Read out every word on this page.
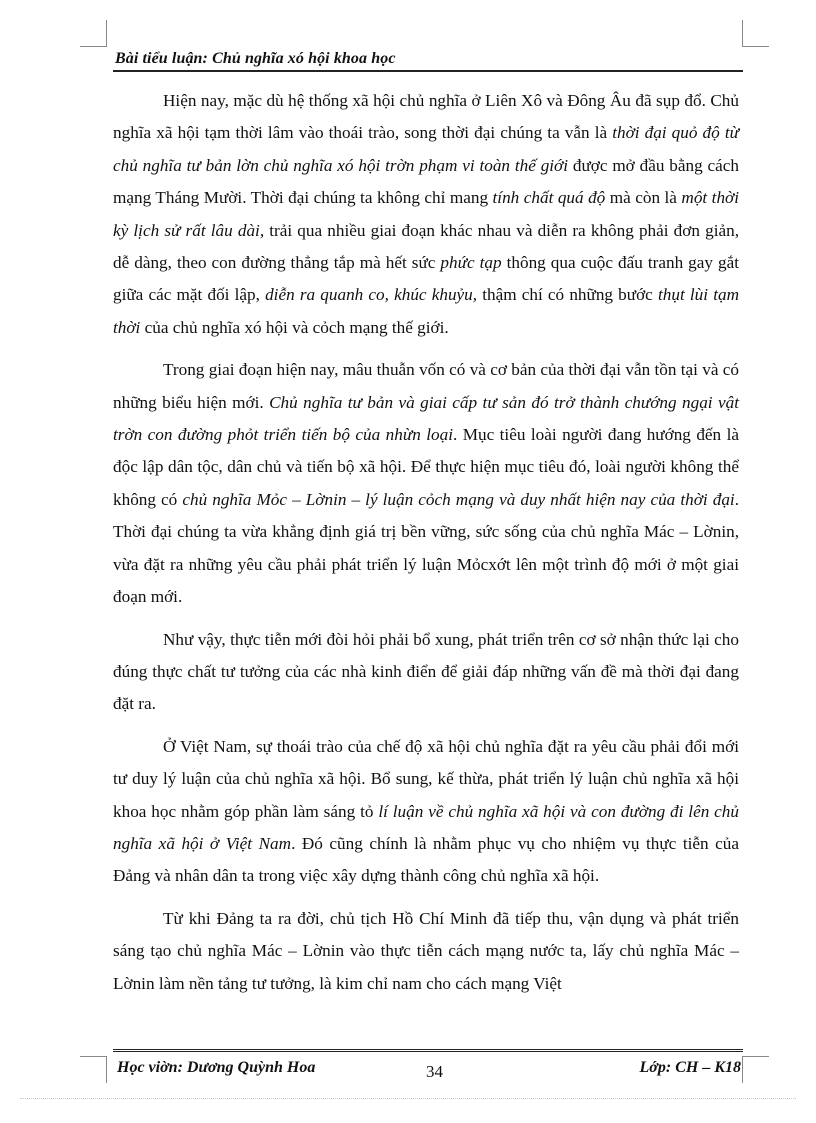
Bài tiểu luận: Chủ nghĩa xó hội khoa học

Hiện nay, mặc dù hệ thống xã hội chủ nghĩa ở Liên Xô và Đông Âu đã sụp đổ. Chủ nghĩa xã hội tạm thời lâm vào thoái trào, song thời đại chúng ta vẫn là thời đại quỏ độ từ chủ nghĩa tư bản lờn chủ nghĩa xó hội trờn phạm vi toàn thế giới được mở đầu bằng cách mạng Tháng Mười. Thời đại chúng ta không chỉ mang tính chất quá độ mà còn là một thời kỳ lịch sử rất lâu dài, trải qua nhiều giai đoạn khác nhau và diễn ra không phải đơn giản, dễ dàng, theo con đường thẳng tắp mà hết sức phức tạp thông qua cuộc đấu tranh gay gắt giữa các mặt đối lập, diễn ra quanh co, khúc khuỷu, thậm chí có những bước thụt lùi tạm thời của chủ nghĩa xó hội và cỏch mạng thế giới.

Trong giai đoạn hiện nay, mâu thuẫn vốn có và cơ bản của thời đại vẫn tồn tại và có những biểu hiện mới. Chủ nghĩa tư bản và giai cấp tư sản đó trở thành chướng ngại vật trờn con đường phỏt triển tiến bộ của nhừn loại. Mục tiêu loài người đang hướng đến là độc lập dân tộc, dân chủ và tiến bộ xã hội. Để thực hiện mục tiêu đó, loài người không thể không có chủ nghĩa Mỏc – Lờnin – lý luận cỏch mạng và duy nhất hiện nay của thời đại. Thời đại chúng ta vừa khẳng định giá trị bền vững, sức sống của chủ nghĩa Mác – Lờnin, vừa đặt ra những yêu cầu phải phát triển lý luận Mỏcxớt lên một trình độ mới ở một giai đoạn mới.

Như vậy, thực tiễn mới đòi hỏi phải bổ xung, phát triển trên cơ sở nhận thức lại cho đúng thực chất tư tưởng của các nhà kinh điển để giải đáp những vấn đề mà thời đại đang đặt ra.

Ở Việt Nam, sự thoái trào của chế độ xã hội chủ nghĩa đặt ra yêu cầu phải đổi mới tư duy lý luận của chủ nghĩa xã hội. Bổ sung, kế thừa, phát triển lý luận chủ nghĩa xã hội khoa học nhằm góp phần làm sáng tỏ lí luận về chủ nghĩa xã hội và con đường đi lên chủ nghĩa xã hội ở Việt Nam. Đó cũng chính là nhằm phục vụ cho nhiệm vụ thực tiễn của Đảng và nhân dân ta trong việc xây dựng thành công chủ nghĩa xã hội.

Từ khi Đảng ta ra đời, chủ tịch Hồ Chí Minh đã tiếp thu, vận dụng và phát triển sáng tạo chủ nghĩa Mác – Lờnin vào thực tiễn cách mạng nước ta, lấy chủ nghĩa Mác – Lờnin làm nền tảng tư tưởng, là kim chỉ nam cho cách mạng Việt

Học viờn: Dương Quỳnh Hoa	34	Lớp: CH – K18
